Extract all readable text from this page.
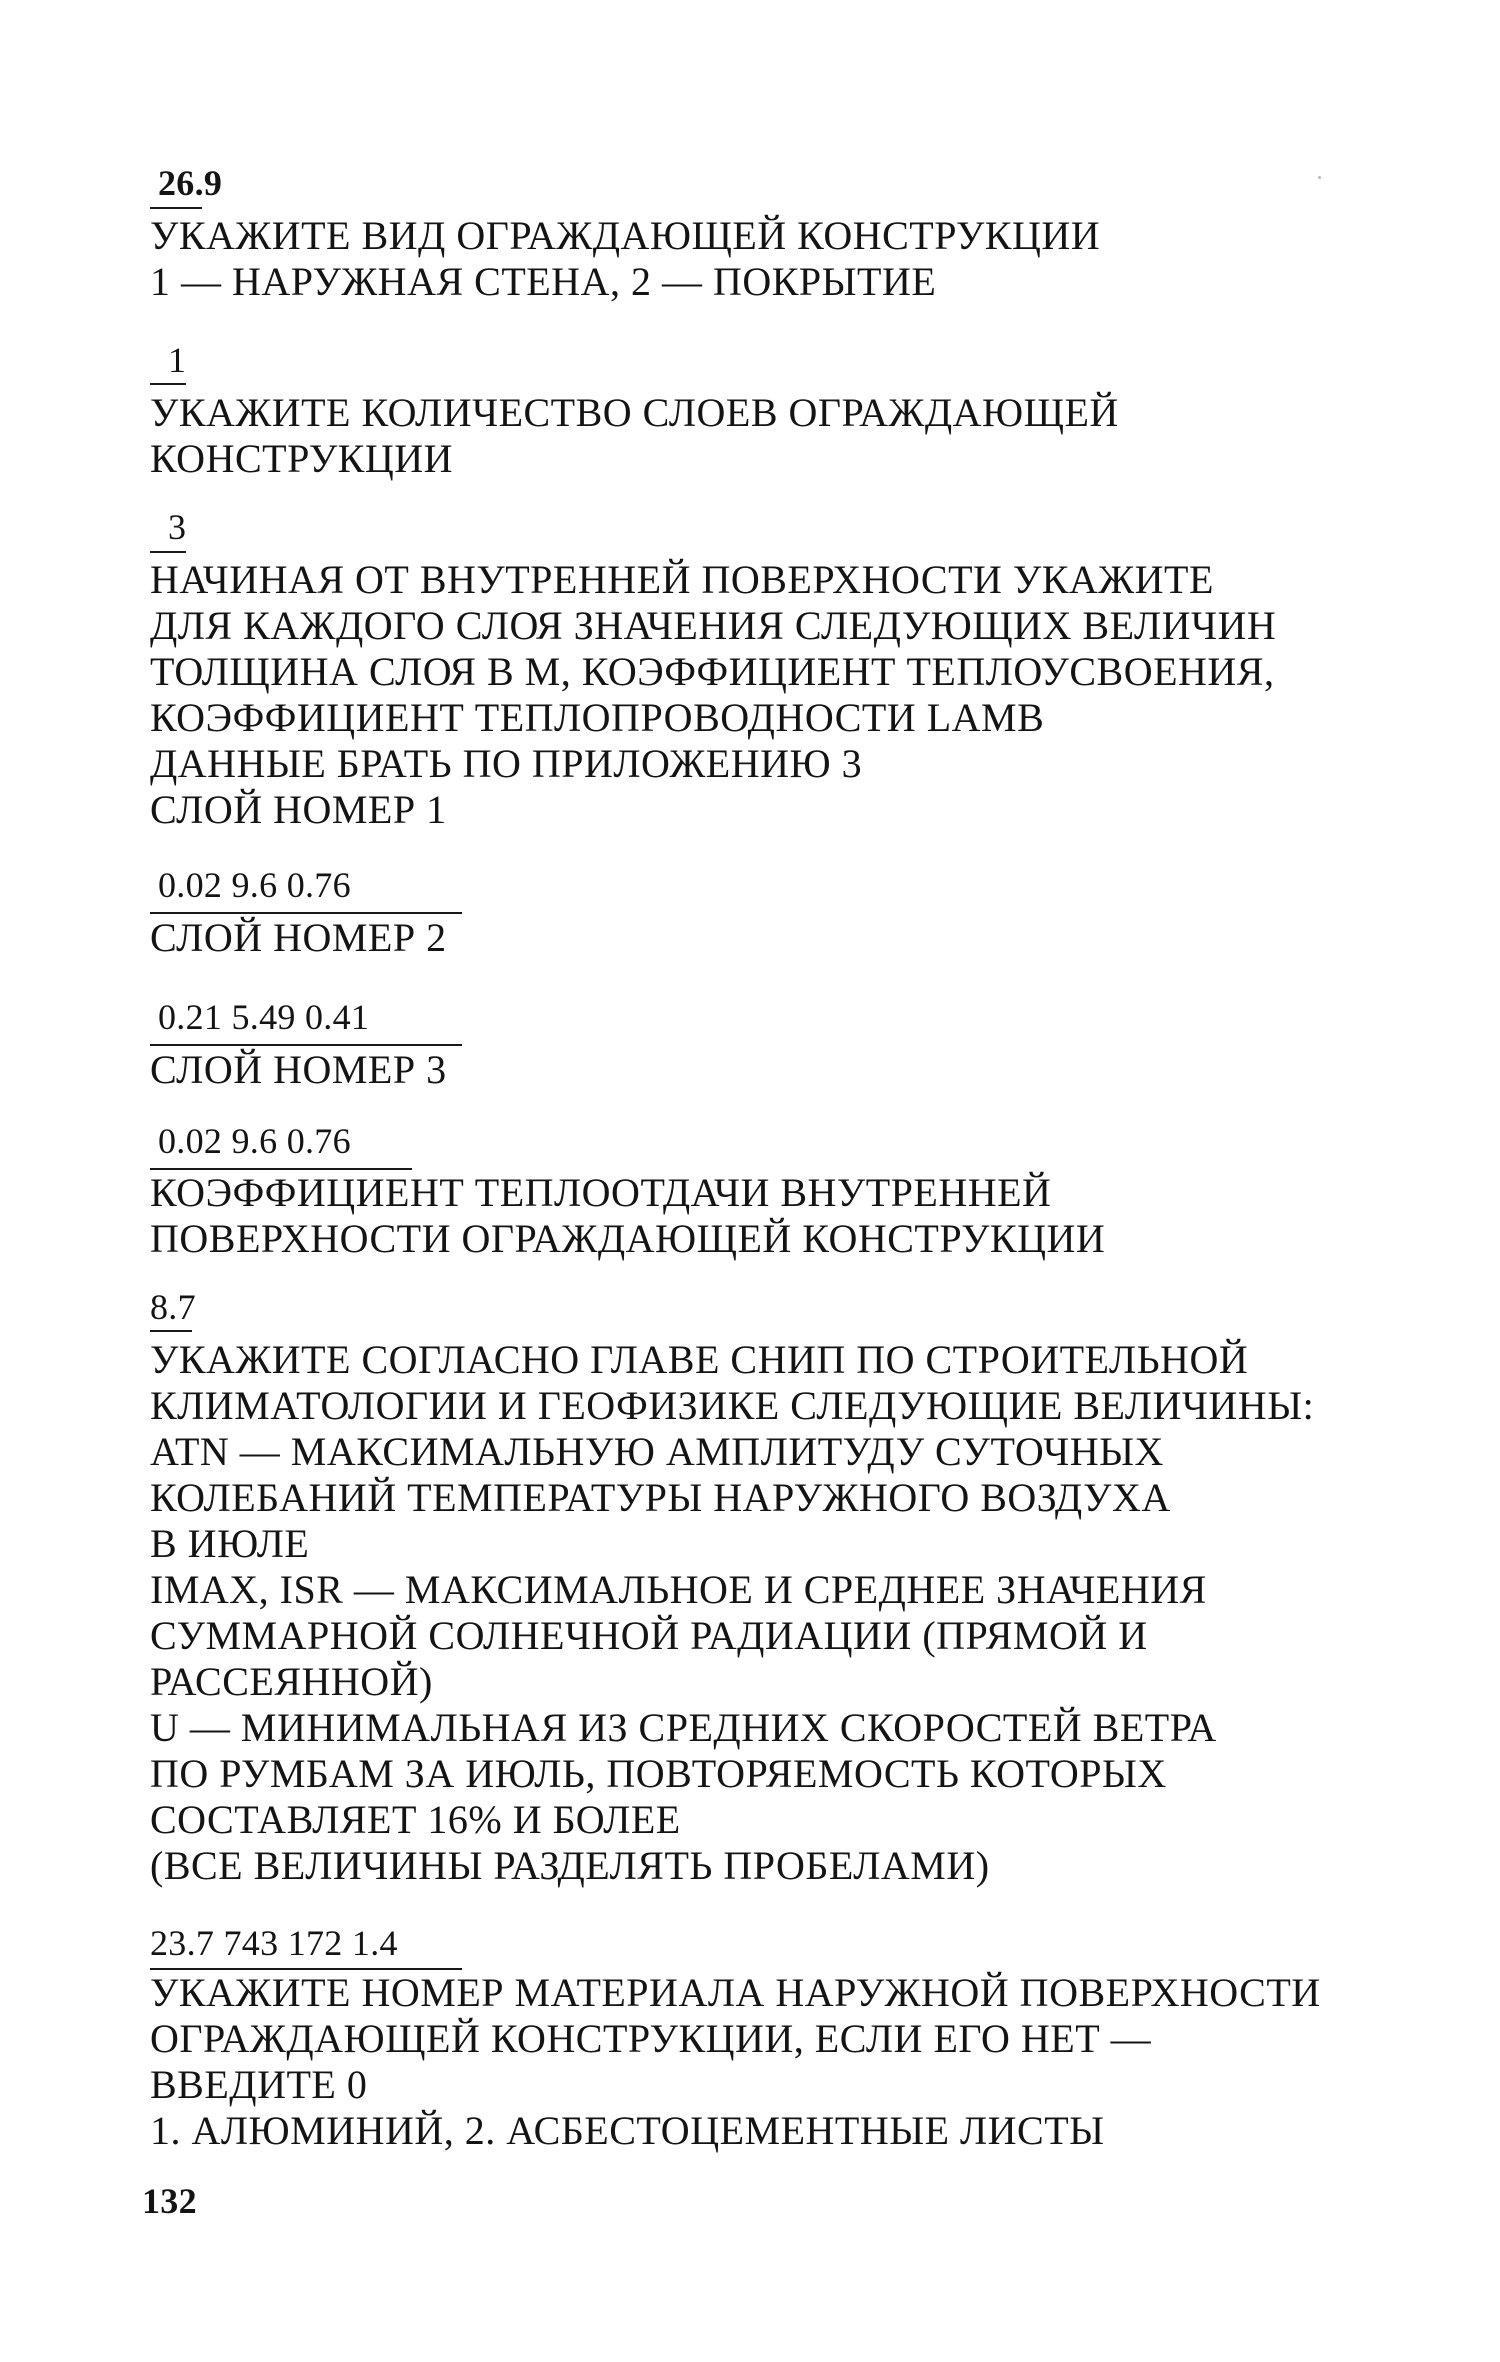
26.9
УКАЖИТЕ ВИД ОГРАЖДАЮЩЕЙ КОНСТРУКЦИИ
1 — НАРУЖНАЯ СТЕНА, 2 — ПОКРЫТИЕ
1
УКАЖИТЕ КОЛИЧЕСТВО СЛОЕВ ОГРАЖДАЮЩЕЙ
КОНСТРУКЦИИ
3
НАЧИНАЯ ОТ ВНУТРЕННЕЙ ПОВЕРХНОСТИ УКАЖИТЕ
ДЛЯ КАЖДОГО СЛОЯ ЗНАЧЕНИЯ СЛЕДУЮЩИХ ВЕЛИЧИН
ТОЛЩИНА СЛОЯ В М, КОЭФФИЦИЕНТ ТЕПЛОУСВОЕНИЯ,
КОЭФФИЦИЕНТ ТЕПЛОПРОВОДНОСТИ LAMB
ДАННЫЕ БРАТЬ ПО ПРИЛОЖЕНИЮ 3
СЛОЙ НОМЕР 1
0.02 9.6 0.76
СЛОЙ НОМЕР 2
0.21 5.49 0.41
СЛОЙ НОМЕР 3
0.02 9.6 0.76
КОЭФФИЦИЕНТ ТЕПЛООТДАЧИ ВНУТРЕННЕЙ
ПОВЕРХНОСТИ ОГРАЖДАЮЩЕЙ КОНСТРУКЦИИ
8.7
УКАЖИТЕ СОГЛАСНО ГЛАВЕ СНИП ПО СТРОИТЕЛЬНОЙ
КЛИМАТОЛОГИИ И ГЕОФИЗИКЕ СЛЕДУЮЩИЕ ВЕЛИЧИНЫ:
ATN — МАКСИМАЛЬНУЮ АМПЛИТУДУ СУТОЧНЫХ
КОЛЕБАНИЙ ТЕМПЕРАТУРЫ НАРУЖНОГО ВОЗДУХА
В ИЮЛЕ
IMAX, ISR — МАКСИМАЛЬНОЕ И СРЕДНЕЕ ЗНАЧЕНИЯ
СУММАРНОЙ СОЛНЕЧНОЙ РАДИАЦИИ (ПРЯМОЙ И
РАССЕЯННОЙ)
U — МИНИМАЛЬНАЯ ИЗ СРЕДНИХ СКОРОСТЕЙ ВЕТРА
ПО РУМБАМ ЗА ИЮЛЬ, ПОВТОРЯЕМОСТЬ КОТОРЫХ
СОСТАВЛЯЕТ 16% И БОЛЕЕ
(ВСЕ ВЕЛИЧИНЫ РАЗДЕЛЯТЬ ПРОБЕЛАМИ)
23.7 743 172 1.4
УКАЖИТЕ НОМЕР МАТЕРИАЛА НАРУЖНОЙ ПОВЕРХНОСТИ
ОГРАЖДАЮЩЕЙ КОНСТРУКЦИИ, ЕСЛИ ЕГО НЕТ —
ВВЕДИТЕ 0
1. АЛЮМИНИЙ, 2. АСБЕСТОЦЕМЕНТНЫЕ ЛИСТЫ
132
